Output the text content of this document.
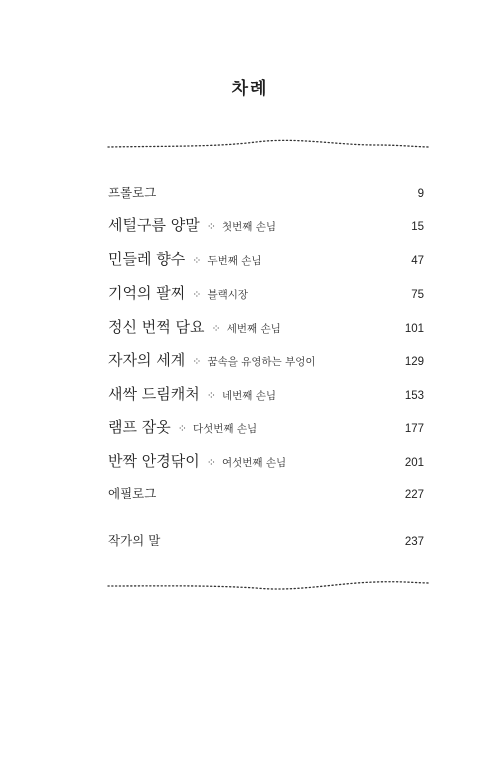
차례
프롤로그	9
세털구름 양말 ⁘ 첫번째 손님	15
민들레 향수 ⁘ 두번째 손님	47
기억의 팔찌 ⁘ 블랙시장	75
정신 번쩍 담요 ⁘ 세번째 손님	101
자자의 세계 ⁘ 꿈속을 유영하는 부엉이	129
새싹 드림캐처 ⁘ 네번째 손님	153
램프 잠옷 ⁘ 다섯번째 손님	177
반짝 안경닦이 ⁘ 여섯번째 손님	201
에필로그	227
작가의 말	237
